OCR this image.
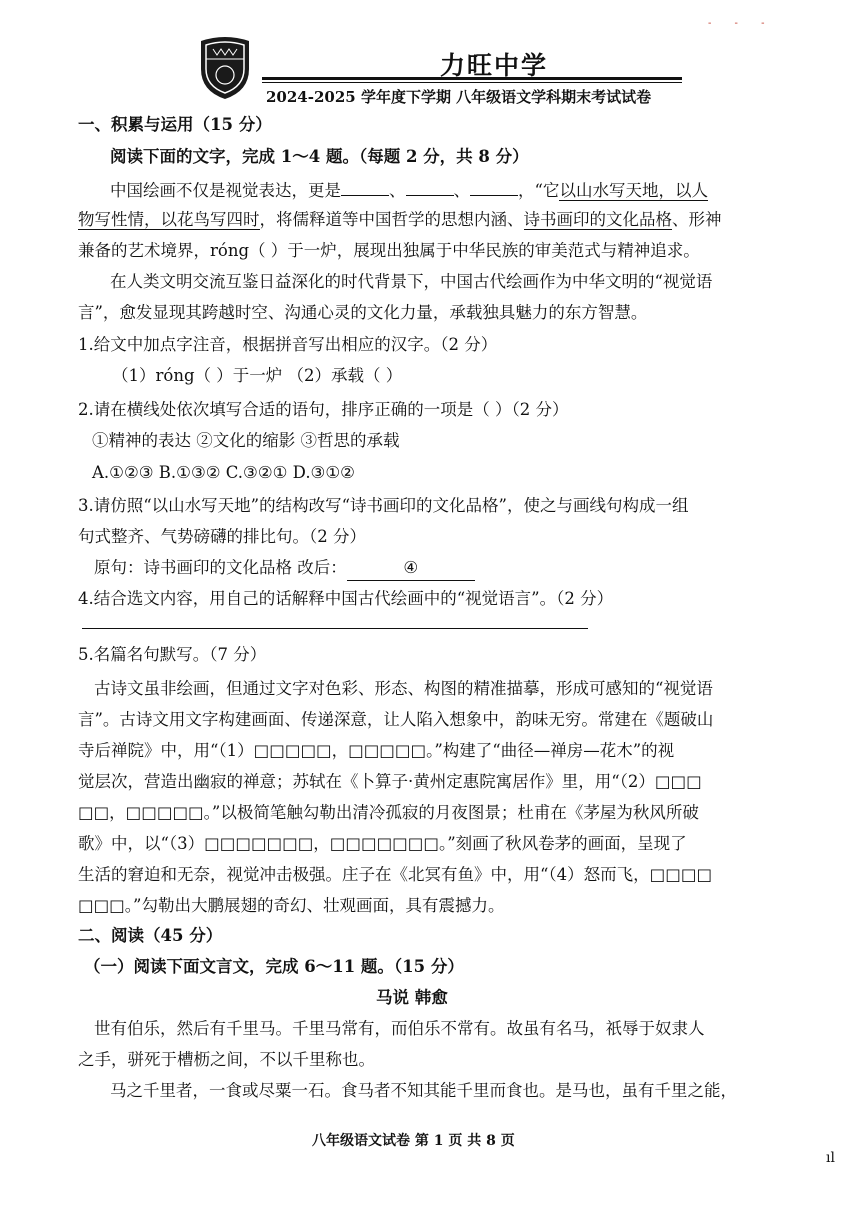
- - -
力旺中学
2024-2025 学年度下学期 八年级语文学科期末考试试卷
一、积累与运用（15 分）
阅读下面的文字，完成 1～4 题。（每题 2 分，共 8 分）
中国绘画不仅是视觉表达，更是	、	、	，“它以山水写天地，以人
物写性情，以花鸟写四时，将儒释道等中国哲学的思想内涵、诗书画印的文化品格、形神
兼备的艺术境界，róng（ ）于一炉，展现出独属于中华民族的审美范式与精神追求。
在人类文明交流互鉴日益深化的时代背景下，中国古代绘画作为中华文明的“视觉语
言”，愈发显现其跨越时空、沟通心灵的文化力量，承载独具魅力的东方智慧。
1.给文中加点字注音，根据拼音写出相应的汉字。（2 分）
（1）róng（ ）于一炉 （2）承载（ ）
2.请在横线处依次填写合适的语句，排序正确的一项是（ ）（2 分）
①精神的表达 ②文化的缩影 ③哲思的承载
A.①②③ B.①③② C.③②① D.③①②
3.请仿照“以山水写天地”的结构改写“诗书画印的文化品格”，使之与画线句构成一组
句式整齐、气势磅礴的排比句。（2 分）
原句：诗书画印的文化品格 改后：	④
4.结合选文内容，用自己的话解释中国古代绘画中的“视觉语言”。（2 分）
5.名篇名句默写。（7 分）
古诗文虽非绘画，但通过文字对色彩、形态、构图的精准描摹，形成可感知的“视觉语
言”。古诗文用文字构建画面、传递深意，让人陷入想象中，韵味无穷。常建在《题破山
寺后禅院》中，用“（1）□□□□□，□□□□□。”构建了“曲径—禅房—花木”的视
觉层次，营造出幽寂的禅意；苏轼在《卜算子·黄州定惠院寓居作》里，用“（2）□□□
□□，□□□□□。”以极简笔触勾勒出清冷孤寂的月夜图景；杜甫在《茅屋为秋风所破
歌》中，以“（3）□□□□□□□，□□□□□□□。”刻画了秋风卷茅的画面，呈现了
生活的窘迫和无奈，视觉冲击极强。庄子在《北冥有鱼》中，用“（4）怒而飞，□□□□
□□□。”勾勒出大鹏展翅的奇幻、壮观画面，具有震撼力。
二、阅读（45 分）
（一）阅读下面文言文，完成 6～11 题。（15 分）
马说 韩愈
世有伯乐，然后有千里马。千里马常有，而伯乐不常有。故虽有名马，祇辱于奴隶人
之手，骈死于槽枥之间，不以千里称也。
马之千里者，一食或尽粟一石。食马者不知其能千里而食也。是马也，虽有千里之能，
八年级语文试卷 第 1 页 共 8 页
ıl
